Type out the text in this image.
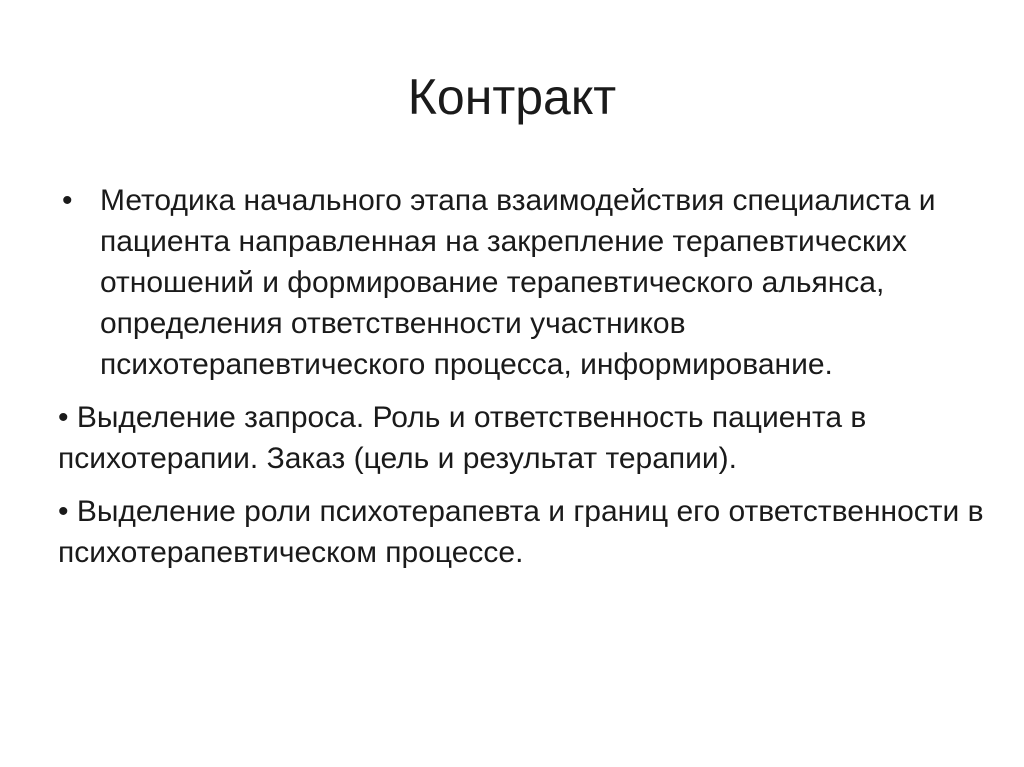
Контракт
• Методика начального этапа взаимодействия специалиста и пациента направленная на закрепление терапевтических отношений и формирование терапевтического альянса, определения ответственности участников психотерапевтического процесса, информирование.
• Выделение запроса. Роль и ответственность пациента в психотерапии. Заказ (цель и результат терапии).
• Выделение роли психотерапевта и границ его ответственности в психотерапевтическом процессе.
